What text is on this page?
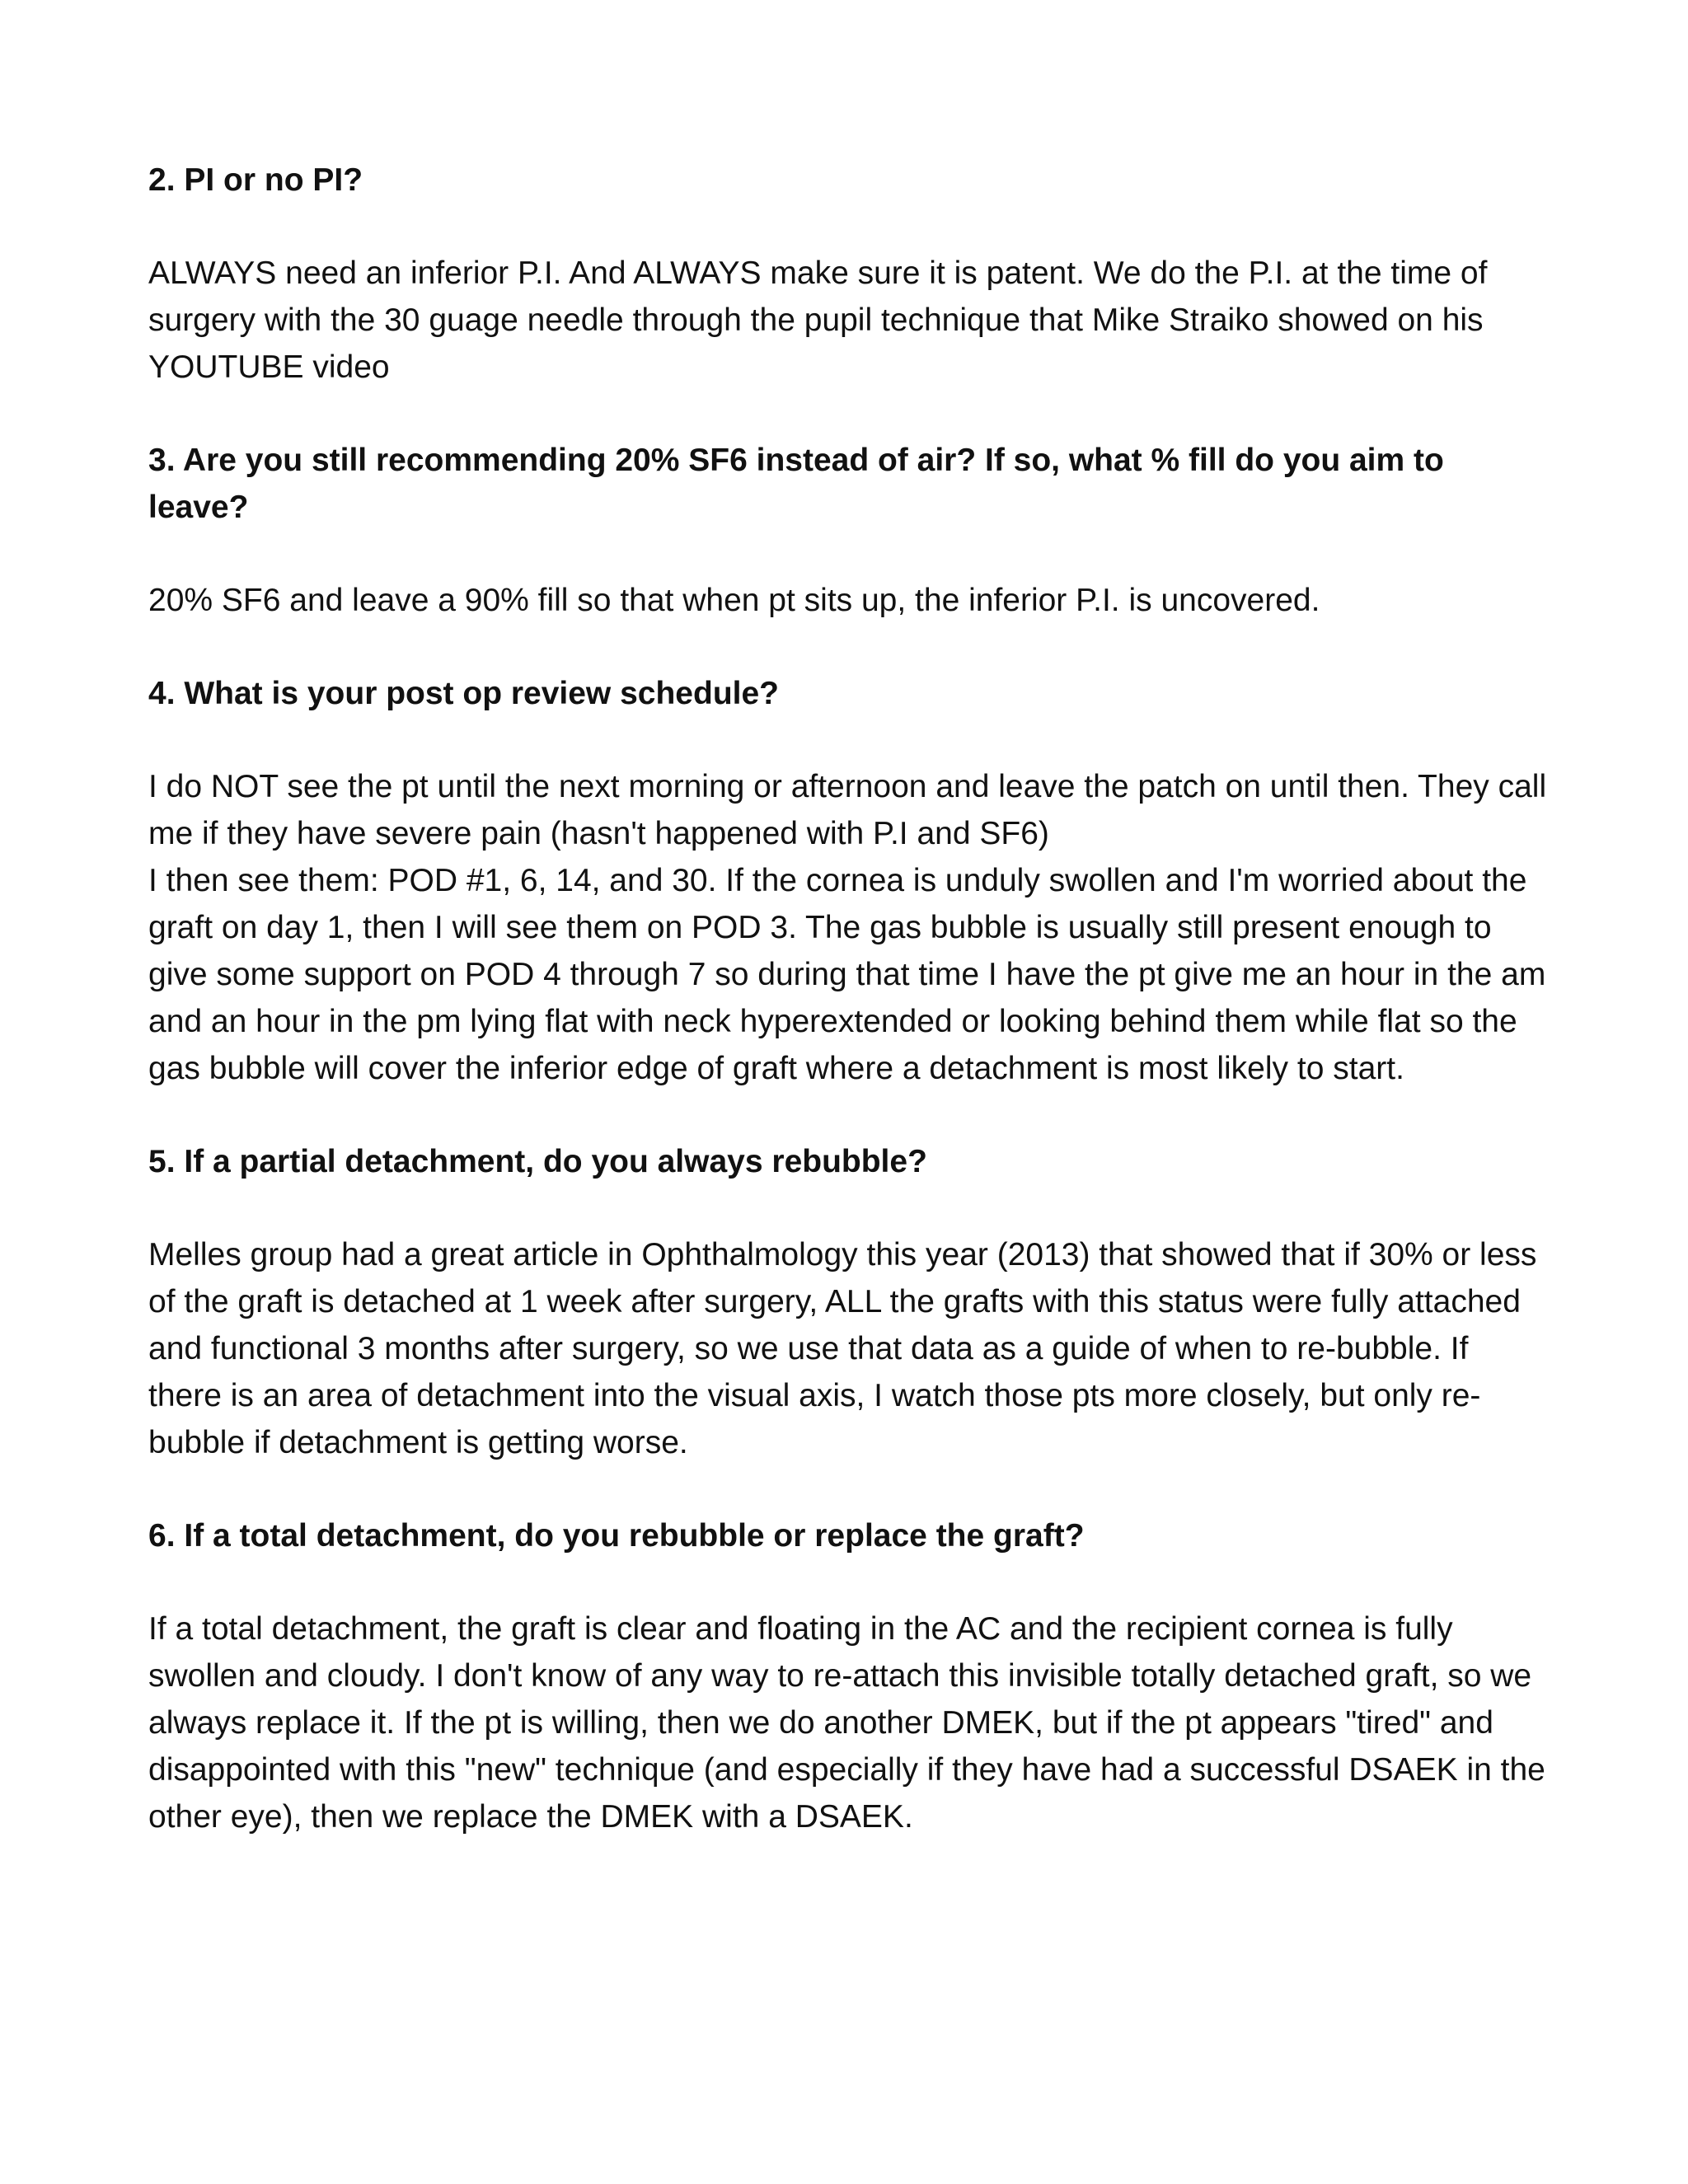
2. PI or no PI?

ALWAYS need an inferior P.I. And ALWAYS make sure it is patent. We do the P.I. at the time of surgery with the 30 guage needle through the pupil technique that Mike Straiko showed on his YOUTUBE video

3. Are you still recommending 20% SF6 instead of air? If so, what % fill do you aim to leave?

20% SF6 and leave a 90% fill so that when pt sits up, the inferior P.I. is uncovered.

4. What is your post op review schedule?

I do NOT see the pt until the next morning or afternoon and leave the patch on until then. They call me if they have severe pain (hasn't happened with P.I and SF6)

I then see them: POD #1, 6, 14, and 30. If the cornea is unduly swollen and I'm worried about the graft on day 1, then I will see them on POD 3. The gas bubble is usually still present enough to give some support on POD 4 through 7 so during that time I have the pt give me an hour in the am and an hour in the pm lying flat with neck hyperextended or looking behind them while flat so the gas bubble will cover the inferior edge of graft where a detachment is most likely to start.

5. If a partial detachment, do you always rebubble?

Melles group had a great article in Ophthalmology this year (2013) that showed that if 30% or less of the graft is detached at 1 week after surgery, ALL the grafts with this status were fully attached and functional 3 months after surgery, so we use that data as a guide of when to re-bubble. If there is an area of detachment into the visual axis, I watch those pts more closely, but only re-bubble if detachment is getting worse.

6. If a total detachment, do you rebubble or replace the graft?

If a total detachment, the graft is clear and floating in the AC and the recipient cornea is fully swollen and cloudy. I don't know of any way to re-attach this invisible totally detached graft, so we always replace it. If the pt is willing, then we do another DMEK, but if the pt appears "tired" and disappointed with this "new" technique (and especially if they have had a successful DSAEK in the other eye), then we replace the DMEK with a DSAEK.
